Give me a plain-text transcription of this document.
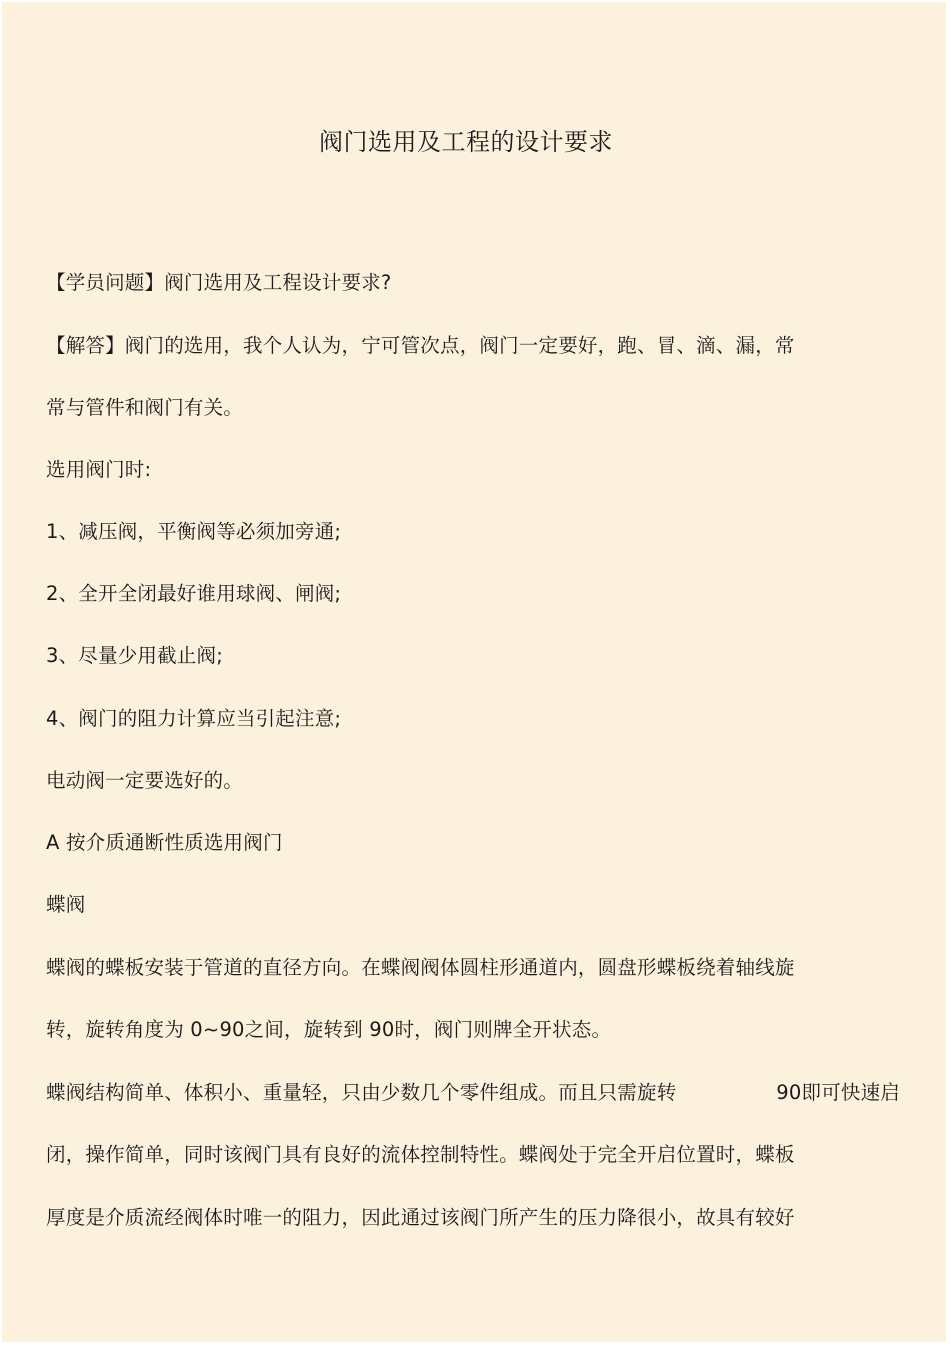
阀门选用及工程的设计要求
【学员问题】阀门选用及工程设计要求?
【解答】阀门的选用，我个人认为，宁可管次点，阀门一定要好，跑、冒、滴、漏，常
常与管件和阀门有关。
选用阀门时:
1、减压阀，平衡阀等必须加旁通;
2、全开全闭最好谁用球阀、闸阀;
3、尽量少用截止阀;
4、阀门的阻力计算应当引起注意;
电动阀一定要选好的。
A 按介质通断性质选用阀门
蝶阀
蝶阀的蝶板安装于管道的直径方向。在蝶阀阀体圆柱形通道内，圆盘形蝶板绕着轴线旋
转，旋转角度为 0~90之间，旋转到 90时，阀门则牌全开状态。
蝶阀结构简单、体积小、重量轻，只由少数几个零件组成。而且只需旋转	90即可快速启
闭，操作简单，同时该阀门具有良好的流体控制特性。蝶阀处于完全开启位置时，蝶板
厚度是介质流经阀体时唯一的阻力，因此通过该阀门所产生的压力降很小，故具有较好
